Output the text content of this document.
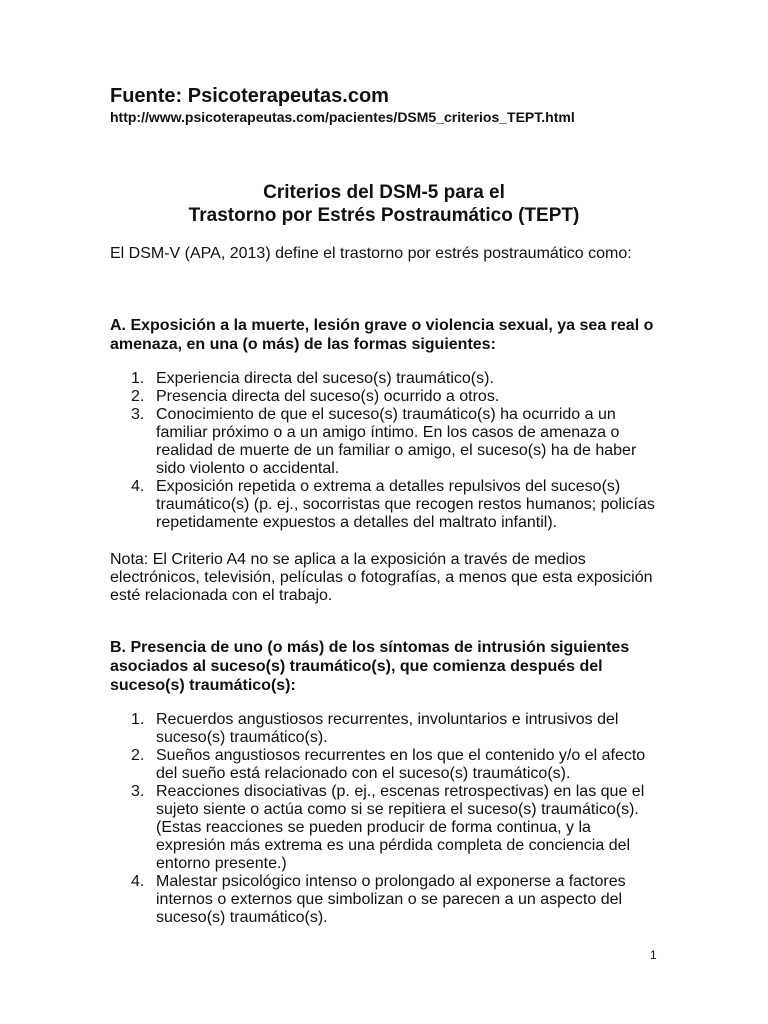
Fuente: Psicoterapeutas.com

http://www.psicoterapeutas.com/pacientes/DSM5_criterios_TEPT.html

Criterios del DSM-5 para el
Trastorno por Estrés Postraumático (TEPT)

El DSM-V (APA, 2013) define el trastorno por estrés postraumático como:

A. Exposición a la muerte, lesión grave o violencia sexual, ya sea real o amenaza, en una (o más) de las formas siguientes:

1. Experiencia directa del suceso(s) traumático(s).
2. Presencia directa del suceso(s) ocurrido a otros.
3. Conocimiento de que el suceso(s) traumático(s) ha ocurrido a un familiar próximo o a un amigo íntimo. En los casos de amenaza o realidad de muerte de un familiar o amigo, el suceso(s) ha de haber sido violento o accidental.
4. Exposición repetida o extrema a detalles repulsivos del suceso(s) traumático(s) (p. ej., socorristas que recogen restos humanos; policías repetidamente expuestos a detalles del maltrato infantil).

Nota: El Criterio A4 no se aplica a la exposición a través de medios electrónicos, televisión, películas o fotografías, a menos que esta exposición esté relacionada con el trabajo.

B. Presencia de uno (o más) de los síntomas de intrusión siguientes asociados al suceso(s) traumático(s), que comienza después del suceso(s) traumático(s):

1. Recuerdos angustiosos recurrentes, involuntarios e intrusivos del suceso(s) traumático(s).
2. Sueños angustiosos recurrentes en los que el contenido y/o el afecto del sueño está relacionado con el suceso(s) traumático(s).
3. Reacciones disociativas (p. ej., escenas retrospectivas) en las que el sujeto siente o actúa como si se repitiera el suceso(s) traumático(s). (Estas reacciones se pueden producir de forma continua, y la expresión más extrema es una pérdida completa de conciencia del entorno presente.)
4. Malestar psicológico intenso o prolongado al exponerse a factores internos o externos que simbolizan o se parecen a un aspecto del suceso(s) traumático(s).

1
